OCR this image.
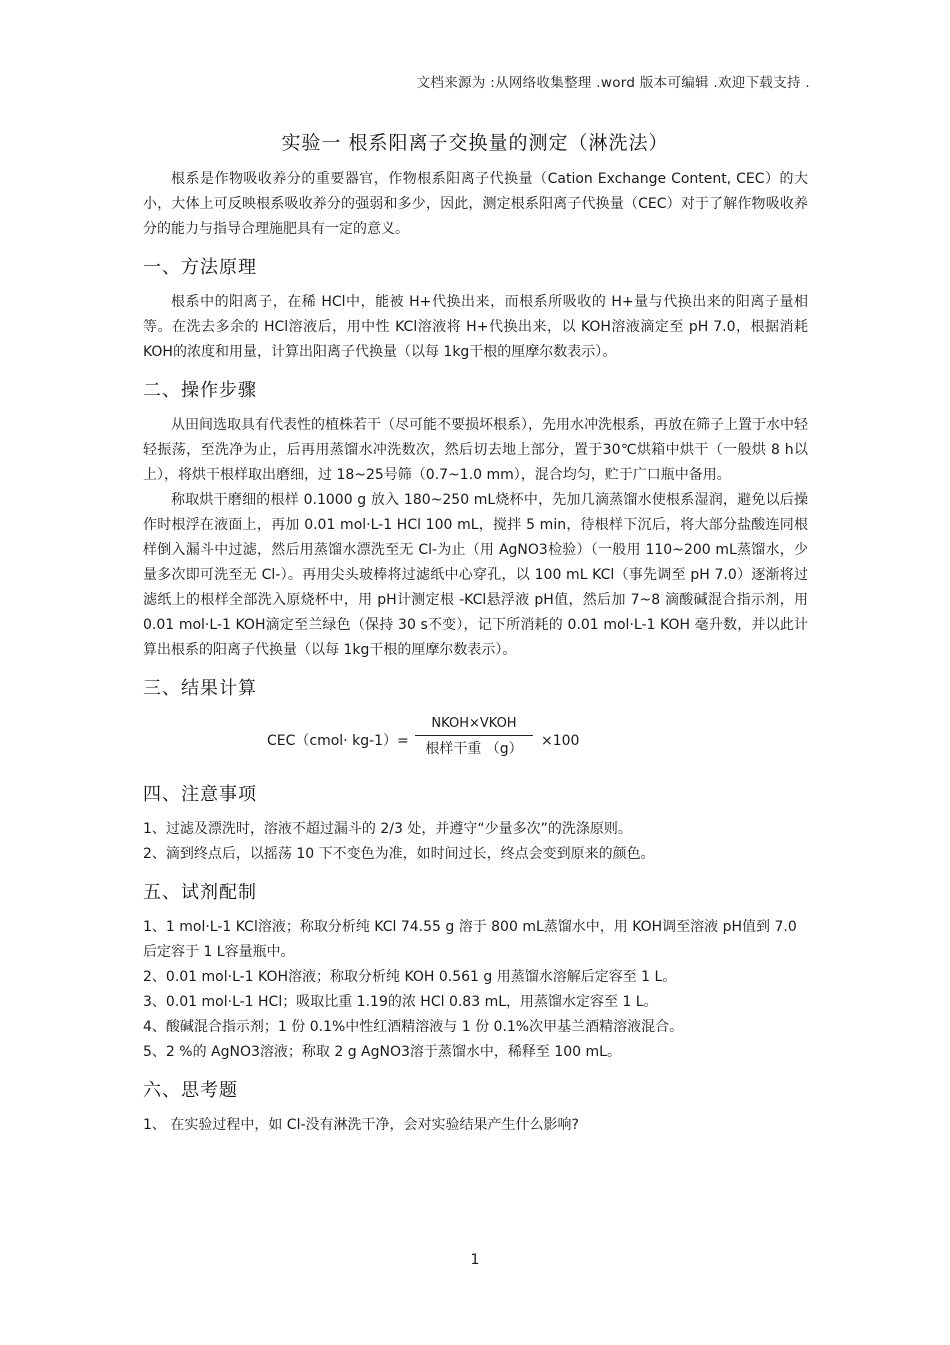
文档来源为 :从网络收集整理 .word 版本可编辑 .欢迎下载支持 .
实验一 根系阳离子交换量的测定（淋洗法）

根系是作物吸收养分的重要器官，作物根系阳离子代换量（Cation Exchange Content, CEC）的大小，大体上可反映根系吸收养分的强弱和多少，因此，测定根系阳离子代换量（CEC）对于了解作物吸收养分的能力与指导合理施肥具有一定的意义。

一、方法原理

根系中的阳离子，在稀 HCl中，能被 H+代换出来，而根系所吸收的 H+量与代换出来的阳离子量相等。在洗去多余的 HCl溶液后，用中性 KCl溶液将 H+代换出来，以 KOH溶液滴定至 pH 7.0，根据消耗 KOH的浓度和用量，计算出阳离子代换量（以每 1kg干根的厘摩尔数表示）。

二、操作步骤

从田间选取具有代表性的植株若干（尽可能不要损坏根系），先用水冲洗根系，再放在筛子上置于水中轻轻振荡，至洗净为止，后再用蒸馏水冲洗数次，然后切去地上部分，置于30℃烘箱中烘干（一般烘 8 h以上），将烘干根样取出磨细，过 18~25号筛（0.7~1.0 mm），混合均匀，贮于广口瓶中备用。

称取烘干磨细的根样 0.1000 g 放入 180~250 mL烧杯中，先加几滴蒸馏水使根系湿润，避免以后操作时根浮在液面上，再加 0.01 mol·L-1 HCl 100 mL，搅拌 5 min，待根样下沉后，将大部分盐酸连同根样倒入漏斗中过滤，然后用蒸馏水漂洗至无 Cl-为止（用 AgNO3检验）（一般用 110~200 mL蒸馏水，少量多次即可洗至无 Cl-）。再用尖头玻棒将过滤纸中心穿孔，以 100 mL KCl（事先调至 pH 7.0）逐渐将过滤纸上的根样全部洗入原烧杯中，用 pH计测定根 -KCl悬浮液 pH值，然后加 7~8 滴酸碱混合指示剂，用 0.01 mol·L-1 KOH滴定至兰绿色（保持 30 s不变），记下所消耗的 0.01 mol·L-1 KOH 毫升数，并以此计算出根系的阳离子代换量（以每 1kg干根的厘摩尔数表示）。

三、结果计算
CEC（cmol· kg-1）=
NKOH×VKOH
根样干重 （g）	×100
四、注意事项

1、过滤及漂洗时，溶液不超过漏斗的 2/3 处，并遵守“少量多次”的洗涤原则。

2、滴到终点后，以摇荡 10 下不变色为准，如时间过长，终点会变到原来的颜色。

五、试剂配制

1、1 mol·L-1 KCl溶液；称取分析纯 KCl 74.55 g 溶于 800 mL蒸馏水中，用 KOH调至溶液 pH值到 7.0后定容于 1 L容量瓶中。

2、0.01 mol·L-1 KOH溶液；称取分析纯 KOH 0.561 g 用蒸馏水溶解后定容至 1 L。

3、0.01 mol·L-1 HCl；吸取比重 1.19的浓 HCl 0.83 mL，用蒸馏水定容至 1 L。

4、酸碱混合指示剂；1 份 0.1%中性红酒精溶液与 1 份 0.1%次甲基兰酒精溶液混合。

5、2 %的 AgNO3溶液；称取 2 g AgNO3溶于蒸馏水中，稀释至 100 mL。

六、思考题

1、 在实验过程中，如 Cl-没有淋洗干净，会对实验结果产生什么影响?

1
